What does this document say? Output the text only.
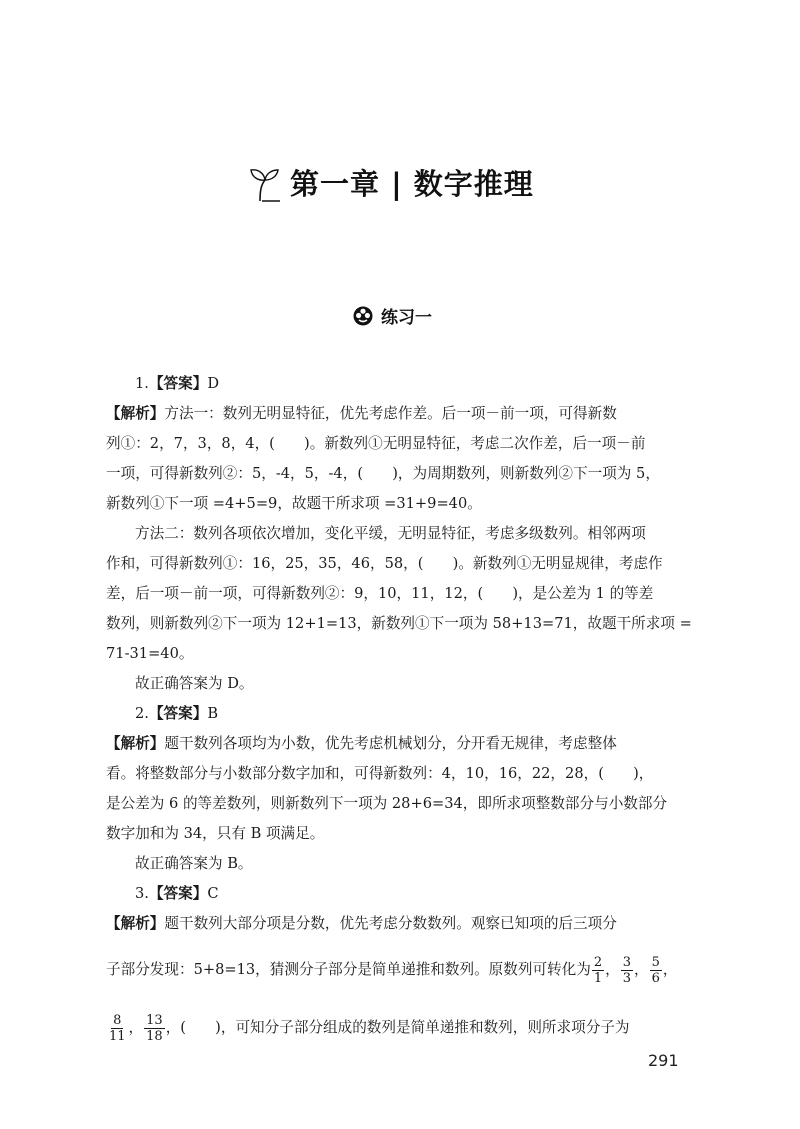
第一章 | 数字推理
练习一

1.【答案】D

【解析】方法一：数列无明显特征，优先考虑作差。后一项－前一项，可得新数

列①：2，7，3，8，4，(　　)。新数列①无明显特征，考虑二次作差，后一项－前

一项，可得新数列②：5，-4，5，-4，(　　)，为周期数列，则新数列②下一项为 5，

新数列①下一项 =4+5=9，故题干所求项 =31+9=40。

方法二：数列各项依次增加，变化平缓，无明显特征，考虑多级数列。相邻两项

作和，可得新数列①：16，25，35，46，58，(　　)。新数列①无明显规律，考虑作

差，后一项－前一项，可得新数列②：9，10，11，12，(　　)，是公差为 1 的等差

数列，则新数列②下一项为 12+1=13，新数列①下一项为 58+13=71，故题干所求项 =

71-31=40。

故正确答案为 D。

2.【答案】B

【解析】题干数列各项均为小数，优先考虑机械划分，分开看无规律，考虑整体

看。将整数部分与小数部分数字加和，可得新数列：4，10，16，22，28，(　　)，

是公差为 6 的等差数列，则新数列下一项为 28+6=34，即所求项整数部分与小数部分

数字加和为 34，只有 B 项满足。

故正确答案为 B。

3.【答案】C

【解析】题干数列大部分项是分数，优先考虑分数数列。观察已知项的后三项分

子部分发现：5+8=13，猜测分子部分是简单递推和数列。原数列可转化为 $\frac{2}{1}$ ， $\frac{3}{3}$ ， $\frac{5}{6}$ ，
$\frac{8}{11}$ ， $\frac{13}{18}$ ，(　　)，可知分子部分组成的数列是简单递推和数列，则所求项分子为
291
